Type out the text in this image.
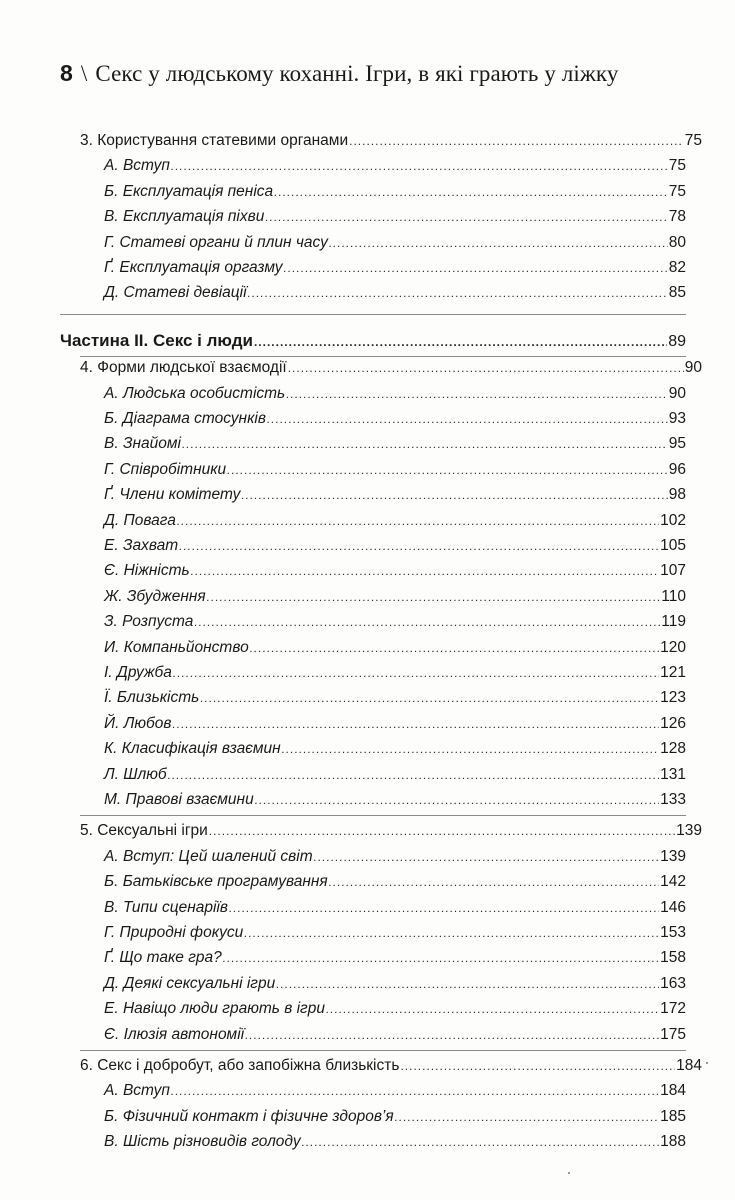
8 \ Секс у людському коханні. Ігри, в які грають у ліжку
3. Користування статевими органами .....	75
А. Вступ .....	75
Б. Експлуатація пеніса .....	75
В. Експлуатація піхви .....	78
Г. Статеві органи й плин часу .....	80
Ґ. Експлуатація оргазму .....	82
Д. Статеві девіації .....	85
Частина ІІ. Секс і люди .....	89
4. Форми людської взаємодії .....	90
А. Людська особистість .....	90
Б. Діаграма стосунків .....	93
В. Знайомі .....	95
Г. Співробітники .....	96
Ґ. Члени комітету .....	98
Д. Повага .....	102
Е. Захват .....	105
Є. Ніжність .....	107
Ж. Збудження .....	110
З. Розпуста .....	119
И. Компаньйонство .....	120
І. Дружба .....	121
Ї. Близькість .....	123
Й. Любов .....	126
К. Класифікація взаємин .....	128
Л. Шлюб .....	131
М. Правові взаємини .....	133
5. Сексуальні ігри .....	139
А. Вступ: Цей шалений світ .....	139
Б. Батьківське програмування .....	142
В. Типи сценаріїв .....	146
Г. Природні фокуси .....	153
Ґ. Що таке гра? .....	158
Д. Деякі сексуальні ігри .....	163
Е. Навіщо люди грають в ігри .....	172
Є. Ілюзія автономії .....	175
6. Секс і добробут, або запобіжна близькість .....	184
А. Вступ .....	184
Б. Фізичний контакт і фізичне здоров’я .....	185
В. Шість різновидів голоду .....	188
